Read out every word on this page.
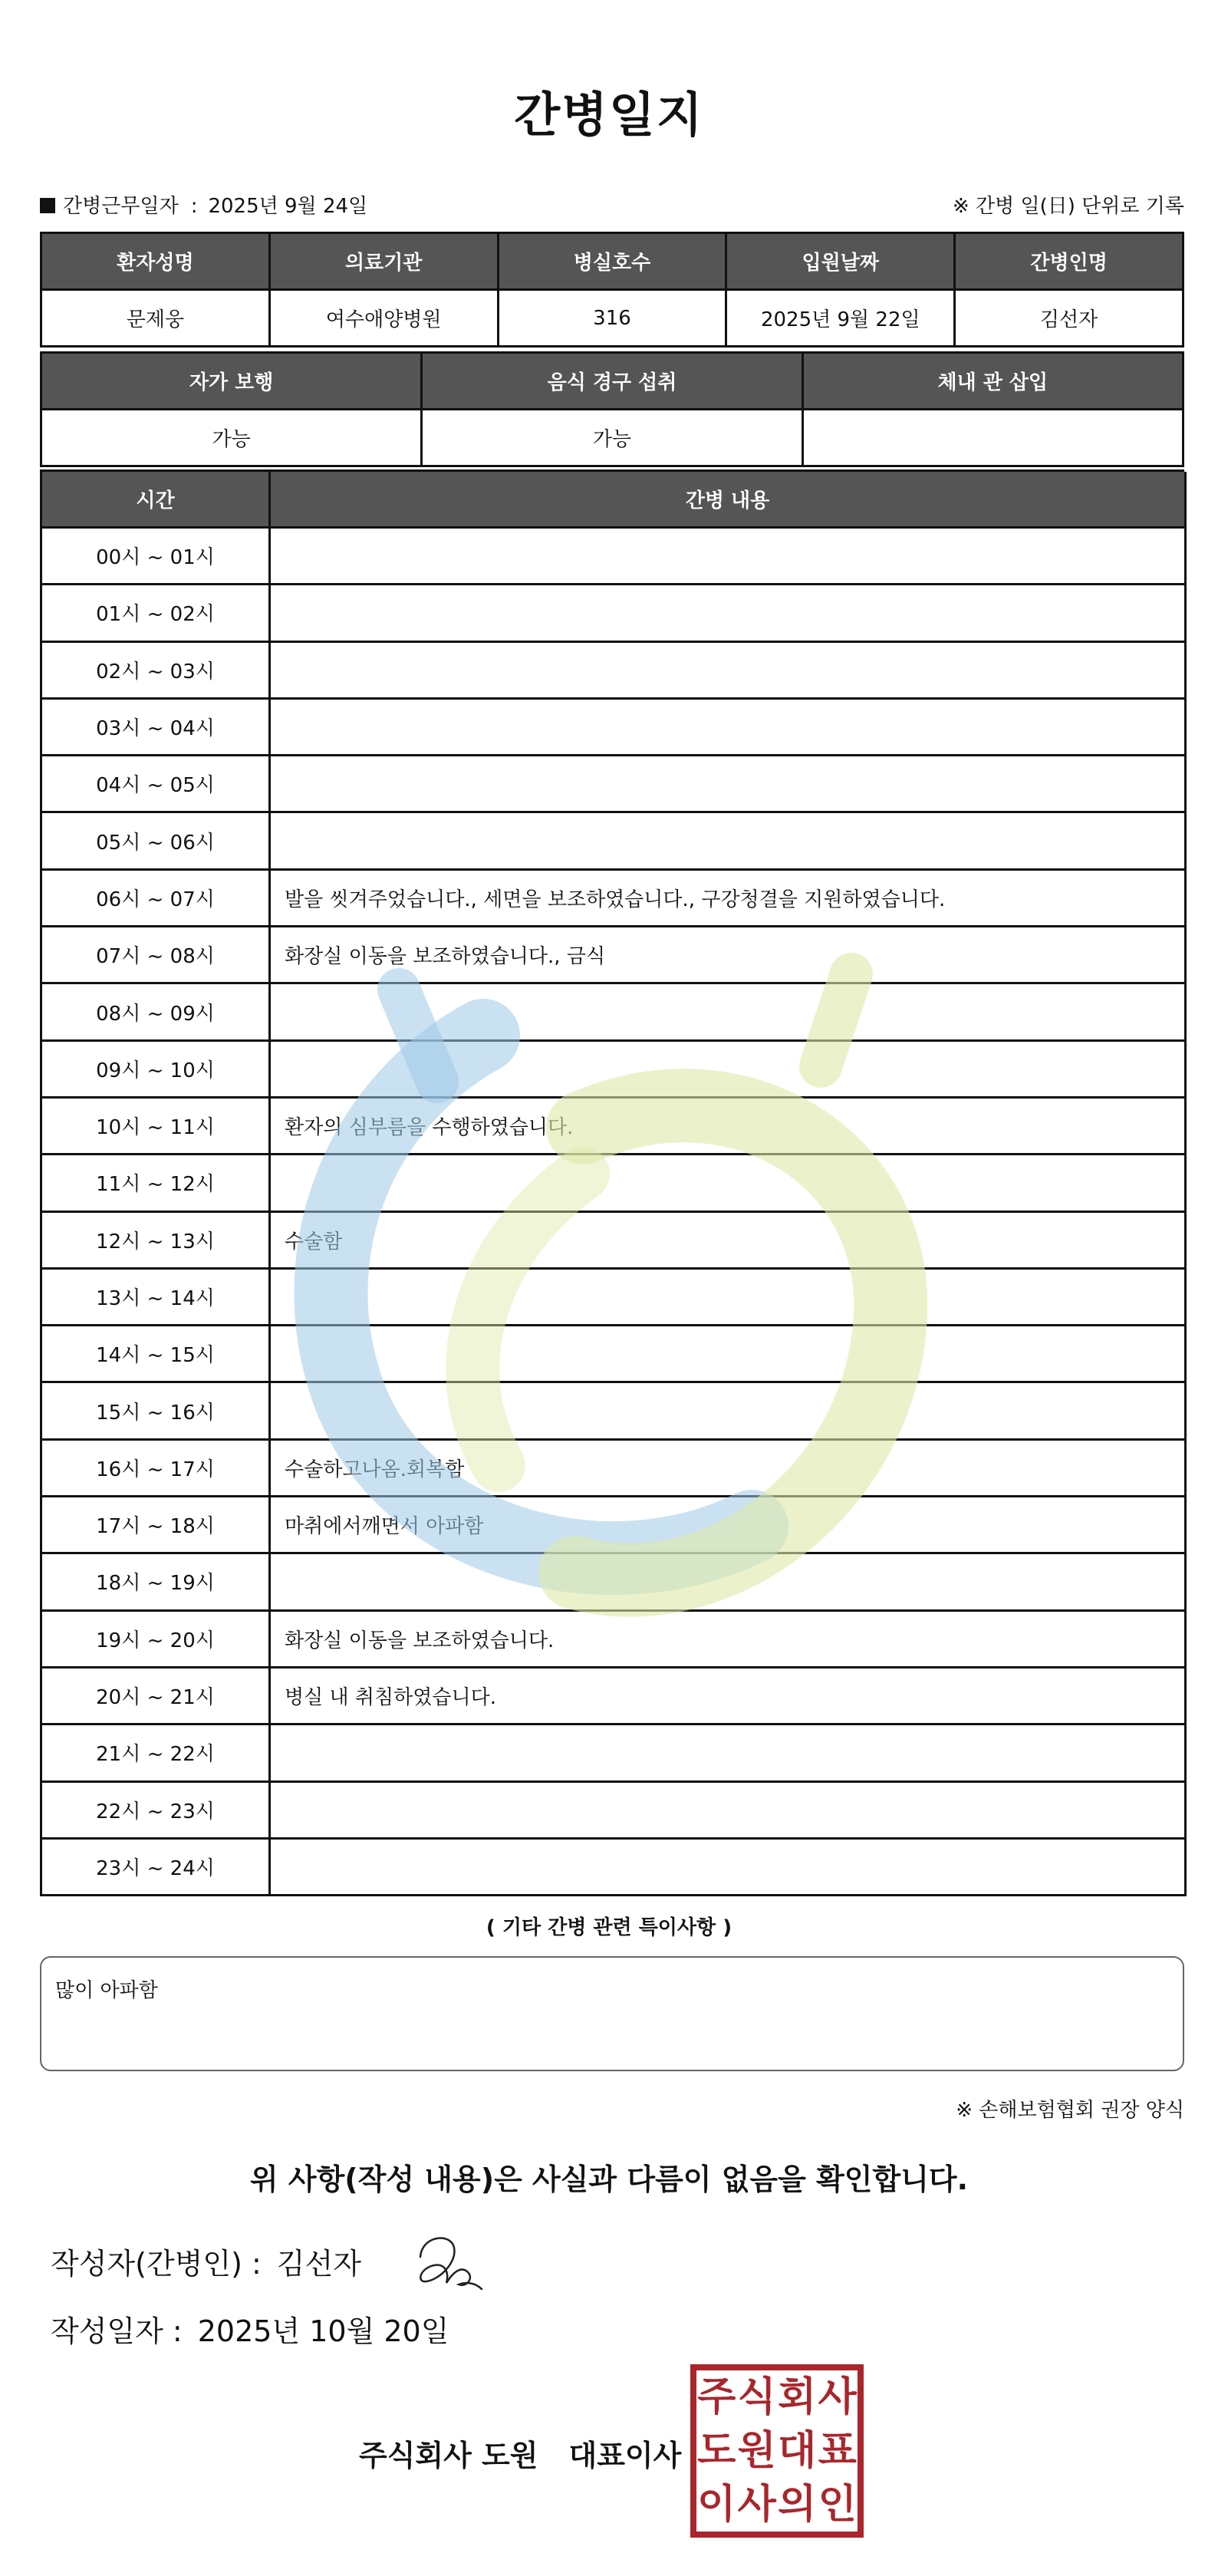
간병일지
간병근무일자 : 2025년 9월 24일	※ 간병 일(日) 단위로 기록
환자성명	의료기관	병실호수	입원날짜	간병인명
문제웅	여수애양병원	316	2025년 9월 22일	김선자
자가 보행	음식 경구 섭취	체내 관 삽입
가능	가능
시간	간병 내용
00시 ~ 01시
01시 ~ 02시
02시 ~ 03시
03시 ~ 04시
04시 ~ 05시
05시 ~ 06시
06시 ~ 07시	발을 씻겨주었습니다., 세면을 보조하였습니다., 구강청결을 지원하였습니다.
07시 ~ 08시	화장실 이동을 보조하였습니다., 금식
08시 ~ 09시
09시 ~ 10시
10시 ~ 11시	환자의 심부름을 수행하였습니다.
11시 ~ 12시
12시 ~ 13시	수술함
13시 ~ 14시
14시 ~ 15시
15시 ~ 16시
16시 ~ 17시	수술하고나옴.회복함
17시 ~ 18시	마취에서깨면서 아파함
18시 ~ 19시
19시 ~ 20시	화장실 이동을 보조하였습니다.
20시 ~ 21시	병실 내 취침하였습니다.
21시 ~ 22시
22시 ~ 23시
23시 ~ 24시
( 기타 간병 관련 특이사항 )
많이 아파함
※ 손해보험협회 권장 양식
위 사항(작성 내용)은 사실과 다름이 없음을 확인합니다.
작성자(간병인) : 김선자
작성일자 : 2025년 10월 20일
주식회사 도원 대표이사
주 식 회 사
도 원 대 표
이 사 의 인
